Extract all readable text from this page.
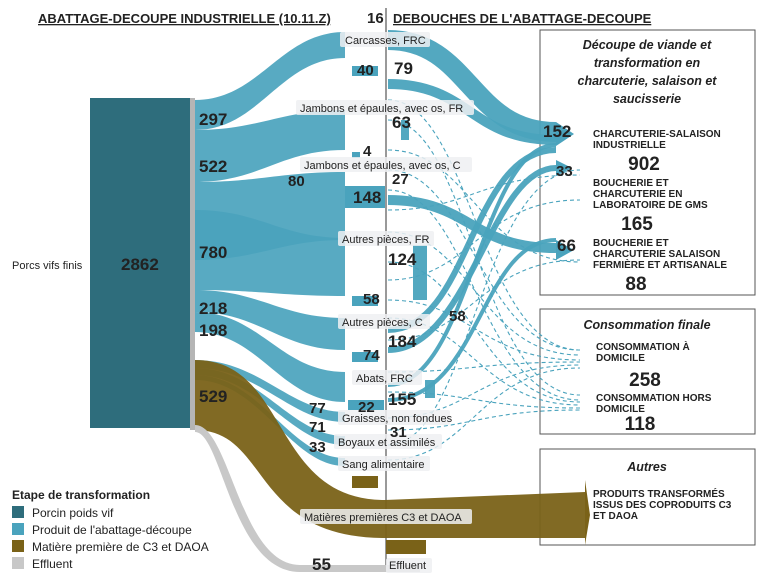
ABATTAGE-DECOUPE INDUSTRIELLE (10.11.Z)	DEBOUCHES DE L'ABATTAGE-DECOUPE
Porcs vifs finis 2862
297
522
780
218
198
529
Carcasses, FRC
Jambons et épaules, avec os, FR
Jambons et épaules, avec os, C
Autres pièces, FR
Autres pièces, C
Abats, FRC
Graisses, non fondues
Boyaux et assimilés
Sang alimentaire
Matières premières C3 et DAOA
Effluent
16
40 79
63
4
80	27
148
124
58
184
74
58
155
77 22
71	31
33
55
Découpe de viande et
transformation en
charcuterie, salaison et
saucisserie
152
33
66
CHARCUTERIE-SALAISON
INDUSTRIELLE
902
BOUCHERIE ET
CHARCUTERIE EN
LABORATOIRE DE GMS
165
BOUCHERIE ET
CHARCUTERIE SALAISON
FERMIÈRE ET ARTISANALE
88
Consommation finale
CONSOMMATION À
DOMICILE
258
CONSOMMATION HORS
DOMICILE
118
Autres
PRODUITS TRANSFORMÉS
ISSUS DES COPRODUITS C3
ET DAOA
Etape de transformation
Porcin poids vif
Produit de l'abattage-découpe
Matière première de C3 et DAOA
Effluent
